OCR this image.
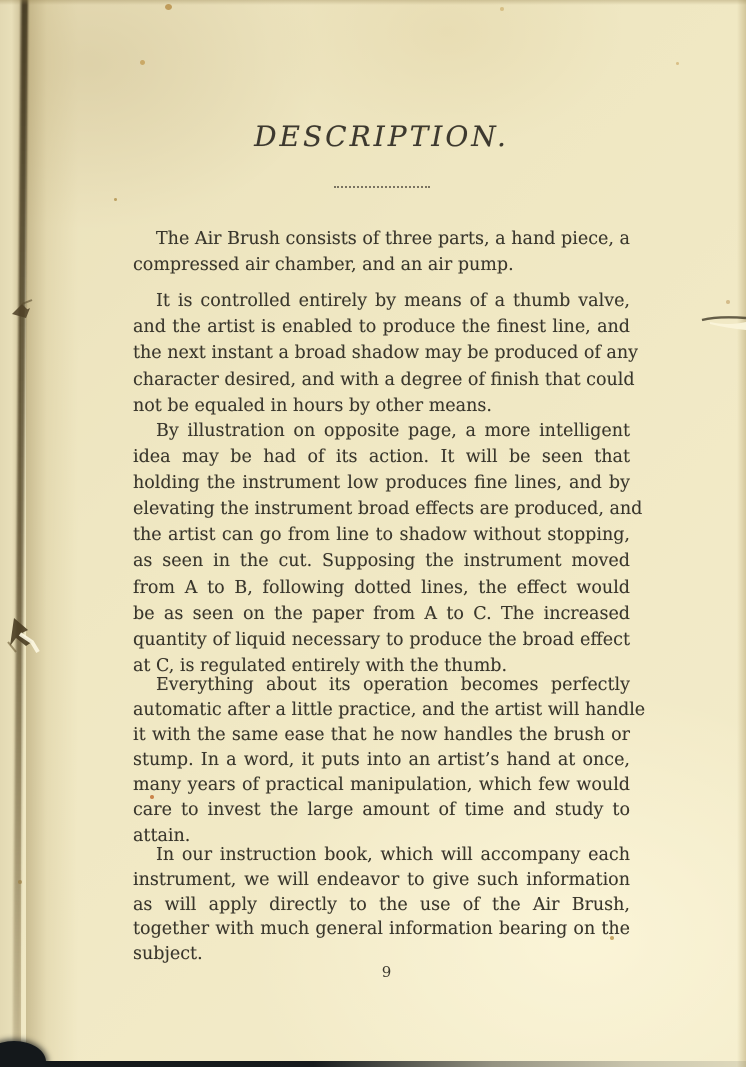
DESCRIPTION.
The Air Brush consists of three parts, a hand piece, a
compressed air chamber, and an air pump.
It is controlled entirely by means of a thumb valve,
and the artist is enabled to produce the finest line, and
the next instant a broad shadow may be produced of any
character desired, and with a degree of finish that could
not be equaled in hours by other means.
By illustration on opposite page, a more intelligent
idea may be had of its action. It will be seen that
holding the instrument low produces fine lines, and by
elevating the instrument broad effects are produced, and
the artist can go from line to shadow without stopping,
as seen in the cut. Supposing the instrument moved
from A to B, following dotted lines, the effect would
be as seen on the paper from A to C. The increased
quantity of liquid necessary to produce the broad effect
at C, is regulated entirely with the thumb.
Everything about its operation becomes perfectly
automatic after a little practice, and the artist will handle
it with the same ease that he now handles the brush or
stump. In a word, it puts into an artist’s hand at once,
many years of practical manipulation, which few would
care to invest the large amount of time and study to
attain.
In our instruction book, which will accompany each
instrument, we will endeavor to give such information
as will apply directly to the use of the Air Brush,
together with much general information bearing on the
subject.
9
